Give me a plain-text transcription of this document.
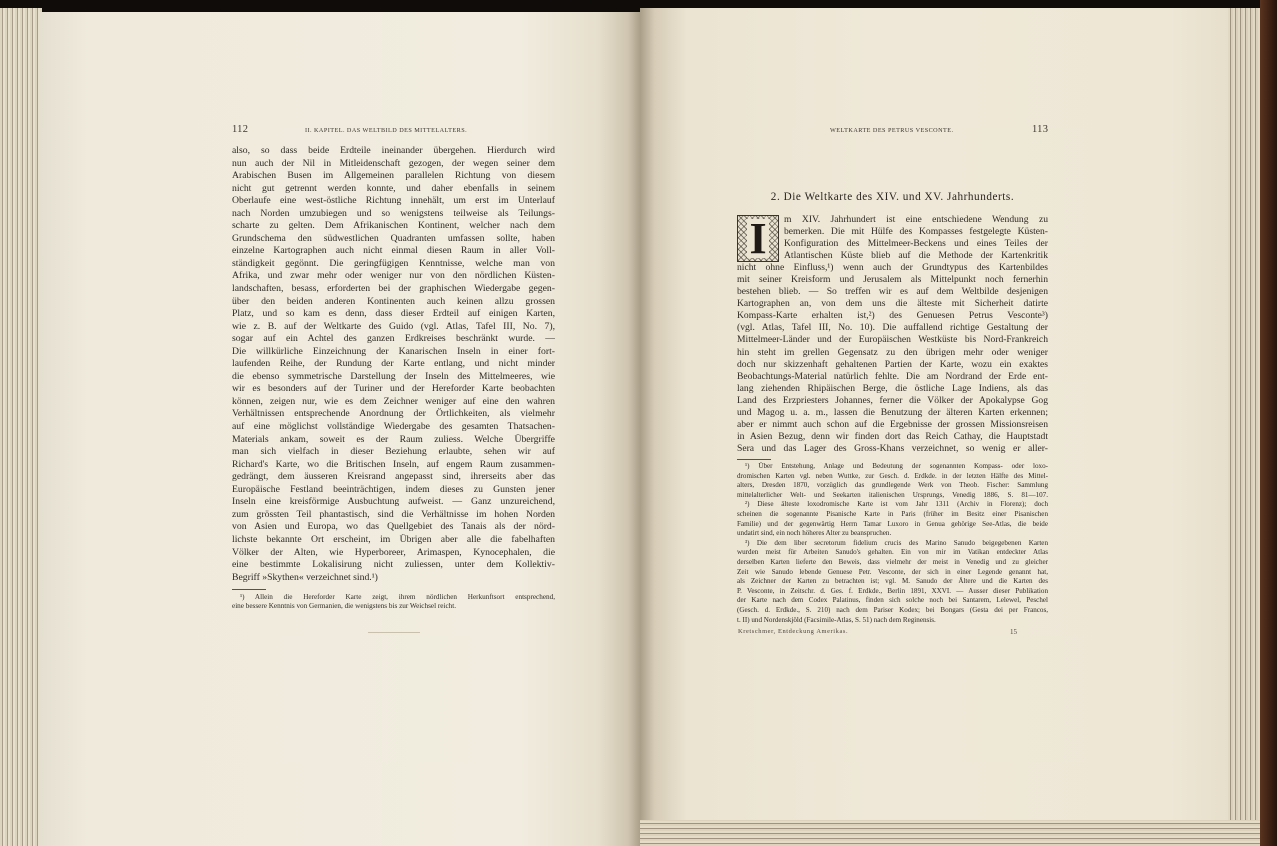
112	II. KAPITEL. DAS WELTBILD DES MITTELALTERS.
also, so dass beide Erdteile ineinander übergehen. Hierdurch wird
nun auch der Nil in Mitleidenschaft gezogen, der wegen seiner dem
Arabischen Busen im Allgemeinen parallelen Richtung von diesem
nicht gut getrennt werden konnte, und daher ebenfalls in seinem
Oberlaufe eine west-östliche Richtung innehält, um erst im Unterlauf
nach Norden umzubiegen und so wenigstens teilweise als Teilungs-
scharte zu gelten. Dem Afrikanischen Kontinent, welcher nach dem
Grundschema den südwestlichen Quadranten umfassen sollte, haben
einzelne Kartographen auch nicht einmal diesen Raum in aller Voll-
ständigkeit gegönnt. Die geringfügigen Kenntnisse, welche man von
Afrika, und zwar mehr oder weniger nur von den nördlichen Küsten-
landschaften, besass, erforderten bei der graphischen Wiedergabe gegen-
über den beiden anderen Kontinenten auch keinen allzu grossen
Platz, und so kam es denn, dass dieser Erdteil auf einigen Karten,
wie z. B. auf der Weltkarte des Guido (vgl. Atlas, Tafel III, No. 7),
sogar auf ein Achtel des ganzen Erdkreises beschränkt wurde. —
Die willkürliche Einzeichnung der Kanarischen Inseln in einer fort-
laufenden Reihe, der Rundung der Karte entlang, und nicht minder
die ebenso symmetrische Darstellung der Inseln des Mittelmeeres, wie
wir es besonders auf der Turiner und der Hereforder Karte beobachten
können, zeigen nur, wie es dem Zeichner weniger auf eine den wahren
Verhältnissen entsprechende Anordnung der Örtlichkeiten, als vielmehr
auf eine möglichst vollständige Wiedergabe des gesamten Thatsachen-
Materials ankam, soweit es der Raum zuliess. Welche Übergriffe
man sich vielfach in dieser Beziehung erlaubte, sehen wir auf
Richard's Karte, wo die Britischen Inseln, auf engem Raum zusammen-
gedrängt, dem äusseren Kreisrand angepasst sind, ihrerseits aber das
Europäische Festland beeinträchtigen, indem dieses zu Gunsten jener
Inseln eine kreisförmige Ausbuchtung aufweist. — Ganz unzureichend,
zum grössten Teil phantastisch, sind die Verhältnisse im hohen Norden
von Asien und Europa, wo das Quellgebiet des Tanais als der nörd-
lichste bekannte Ort erscheint, im Übrigen aber alle die fabelhaften
Völker der Alten, wie Hyperboreer, Arimaspen, Kynocephalen, die
eine bestimmte Lokalisirung nicht zuliessen, unter dem Kollektiv-
Begriff »Skythen« verzeichnet sind.¹)
¹) Allein die Hereforder Karte zeigt, ihrem nördlichen Herkunftsort entsprechend,
eine bessere Kenntnis von Germanien, die wenigstens bis zur Weichsel reicht.
WELTKARTE DES PETRUS VESCONTE.	113
2. Die Weltkarte des XIV. und XV. Jahrhunderts.
I	m XIV. Jahrhundert ist eine entschiedene Wendung zu
bemerken. Die mit Hülfe des Kompasses festgelegte Küsten-
Konfiguration des Mittelmeer-Beckens und eines Teiles der
Atlantischen Küste blieb auf die Methode der Kartenkritik
nicht ohne Einfluss,¹) wenn auch der Grundtypus des Kartenbildes
mit seiner Kreisform und Jerusalem als Mittelpunkt noch fernerhin
bestehen blieb. — So treffen wir es auf dem Weltbilde desjenigen
Kartographen an, von dem uns die älteste mit Sicherheit datirte
Kompass-Karte erhalten ist,²) des Genuesen Petrus Vesconte³)
(vgl. Atlas, Tafel III, No. 10). Die auffallend richtige Gestaltung der
Mittelmeer-Länder und der Europäischen Westküste bis Nord-Frankreich
hin steht im grellen Gegensatz zu den übrigen mehr oder weniger
doch nur skizzenhaft gehaltenen Partien der Karte, wozu ein exaktes
Beobachtungs-Material natürlich fehlte. Die am Nordrand der Erde ent-
lang ziehenden Rhipäischen Berge, die östliche Lage Indiens, als das
Land des Erzpriesters Johannes, ferner die Völker der Apokalypse Gog
und Magog u. a. m., lassen die Benutzung der älteren Karten erkennen;
aber er nimmt auch schon auf die Ergebnisse der grossen Missionsreisen
in Asien Bezug, denn wir finden dort das Reich Cathay, die Hauptstadt
Sera und das Lager des Gross-Khans verzeichnet, so wenig er aller-
¹) Über Entstehung, Anlage und Bedeutung der sogenannten Kompass- oder loxo-
dromischen Karten vgl. neben Wuttke, zur Gesch. d. Erdkde. in der letzten Hälfte des Mittel-
alters, Dresden 1870, vorzüglich das grundlegende Werk von Theob. Fischer: Sammlung
mittelalterlicher Welt- und Seekarten italienischen Ursprungs, Venedig 1886, S. 81—107.
²) Diese älteste loxodromische Karte ist vom Jahr 1311 (Archiv in Florenz); doch
scheinen die sogenannte Pisanische Karte in Paris (früher im Besitz einer Pisanischen
Familie) und der gegenwärtig Herrn Tamar Luxoro in Genua gehörige See-Atlas, die beide
undatirt sind, ein noch höheres Alter zu beanspruchen.
³) Die dem liber secretorum fidelium crucis des Marino Sanudo beigegebenen Karten
wurden meist für Arbeiten Sanudo's gehalten. Ein von mir im Vatikan entdeckter Atlas
derselben Karten lieferte den Beweis, dass vielmehr der meist in Venedig und zu gleicher
Zeit wie Sanudo lebende Genuese Petr. Vesconte, der sich in einer Legende genannt hat,
als Zeichner der Karten zu betrachten ist; vgl. M. Sanudo der Ältere und die Karten des
P. Vesconte, in Zeitschr. d. Ges. f. Erdkde., Berlin 1891, XXVI. — Ausser dieser Publikation
der Karte nach dem Codex Palatinus, finden sich solche noch bei Santarem, Lelewel, Peschel
(Gesch. d. Erdkde., S. 210) nach dem Pariser Kodex; bei Bongars (Gesta dei per Francos,
t. II) und Nordenskjöld (Facsimile-Atlas, S. 51) nach dem Reginensis.
Kretschmer, Entdeckung Amerikas.	15
